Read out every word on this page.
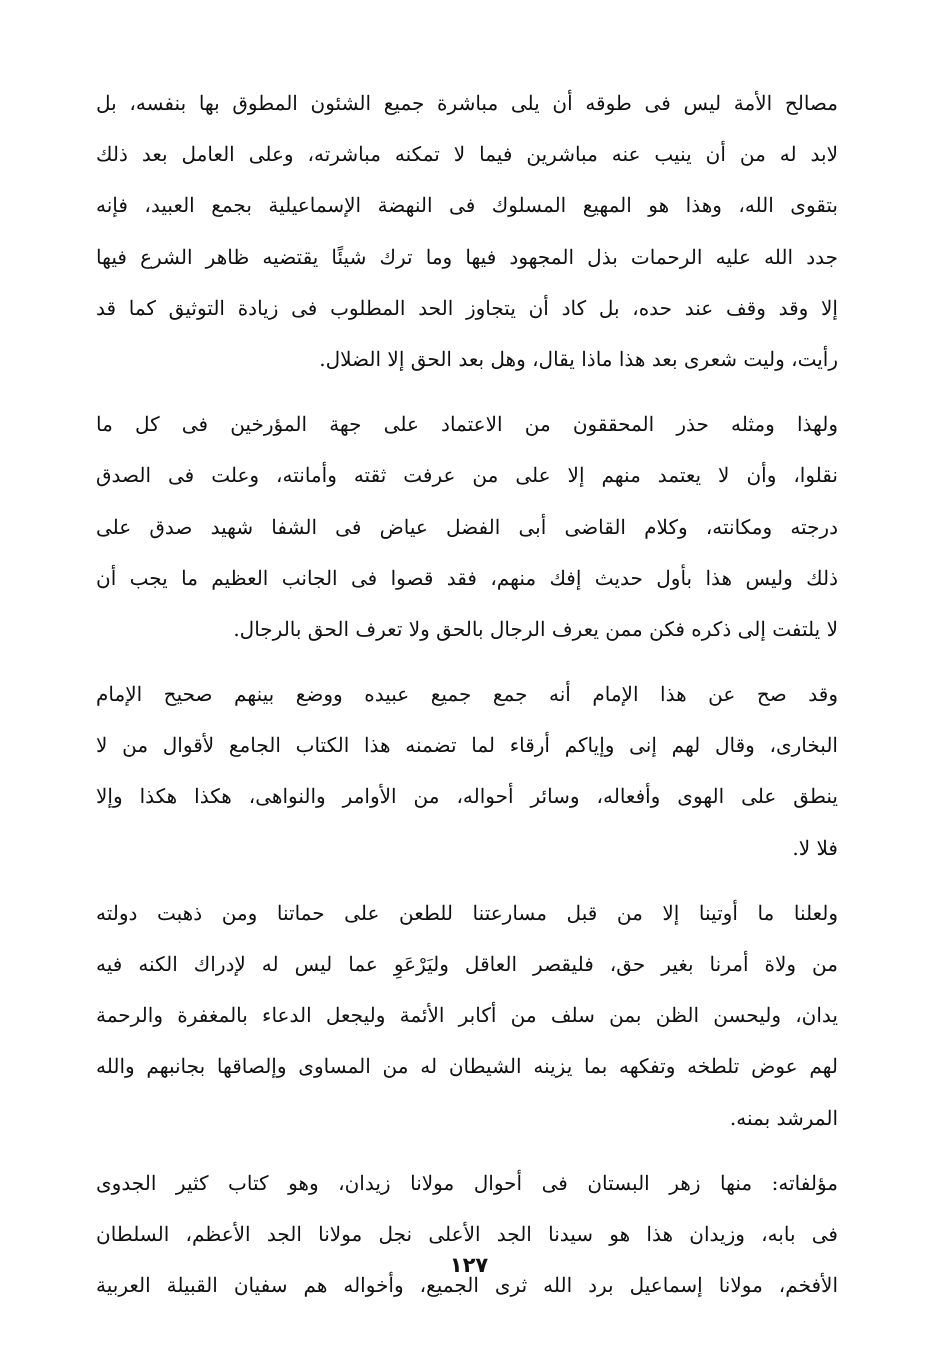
مصالح الأمة ليس فى طوقه أن يلى مباشرة جميع الشئون المطوق بها بنفسه، بل
لابد له من أن ينيب عنه مباشرين فيما لا تمكنه مباشرته، وعلى العامل بعد ذلك
بتقوى الله، وهذا هو المهيع المسلوك فى النهضة الإسماعيلية بجمع العبيد، فإنه
جدد الله عليه الرحمات بذل المجهود فيها وما ترك شيئًا يقتضيه ظاهر الشرع فيها
إلا وقد وقف عند حده، بل كاد أن يتجاوز الحد المطلوب فى زيادة التوثيق كما قد
رأيت، وليت شعرى بعد هذا ماذا يقال، وهل بعد الحق إلا الضلال.
ولهذا ومثله حذر المحققون من الاعتماد على جهة المؤرخين فى كل ما
نقلوا، وأن لا يعتمد منهم إلا على من عرفت ثقته وأمانته، وعلت فى الصدق
درجته ومكانته، وكلام القاضى أبى الفضل عياض فى الشفا شهيد صدق على
ذلك وليس هذا بأول حديث إفك منهم، فقد قصوا فى الجانب العظيم ما يجب أن
لا يلتفت إلى ذكره فكن ممن يعرف الرجال بالحق ولا تعرف الحق بالرجال.
وقد صح عن هذا الإمام أنه جمع جميع عبيده ووضع بينهم صحيح الإمام
البخارى، وقال لهم إنى وإياكم أرقاء لما تضمنه هذا الكتاب الجامع لأقوال من لا
ينطق على الهوى وأفعاله، وسائر أحواله، من الأوامر والنواهى، هكذا هكذا وإلا
فلا لا.
ولعلنا ما أوتينا إلا من قبل مسارعتنا للطعن على حماتنا ومن ذهبت دولته
من ولاة أمرنا بغير حق، فليقصر العاقل وليَرْعَوِ عما ليس له لإدراك الكنه فيه
يدان، وليحسن الظن بمن سلف من أكابر الأئمة وليجعل الدعاء بالمغفرة والرحمة
لهم عوض تلطخه وتفكهه بما يزينه الشيطان له من المساوى وإلصاقها بجانبهم والله
المرشد بمنه.
مؤلفاته: منها زهر البستان فى أحوال مولانا زيدان، وهو كتاب كثير الجدوى
فى بابه، وزيدان هذا هو سيدنا الجد الأعلى نجل مولانا الجد الأعظم، السلطان
الأفخم، مولانا إسماعيل برد الله ثرى الجميع، وأخواله هم سفيان القبيلة العربية
١٢٧
